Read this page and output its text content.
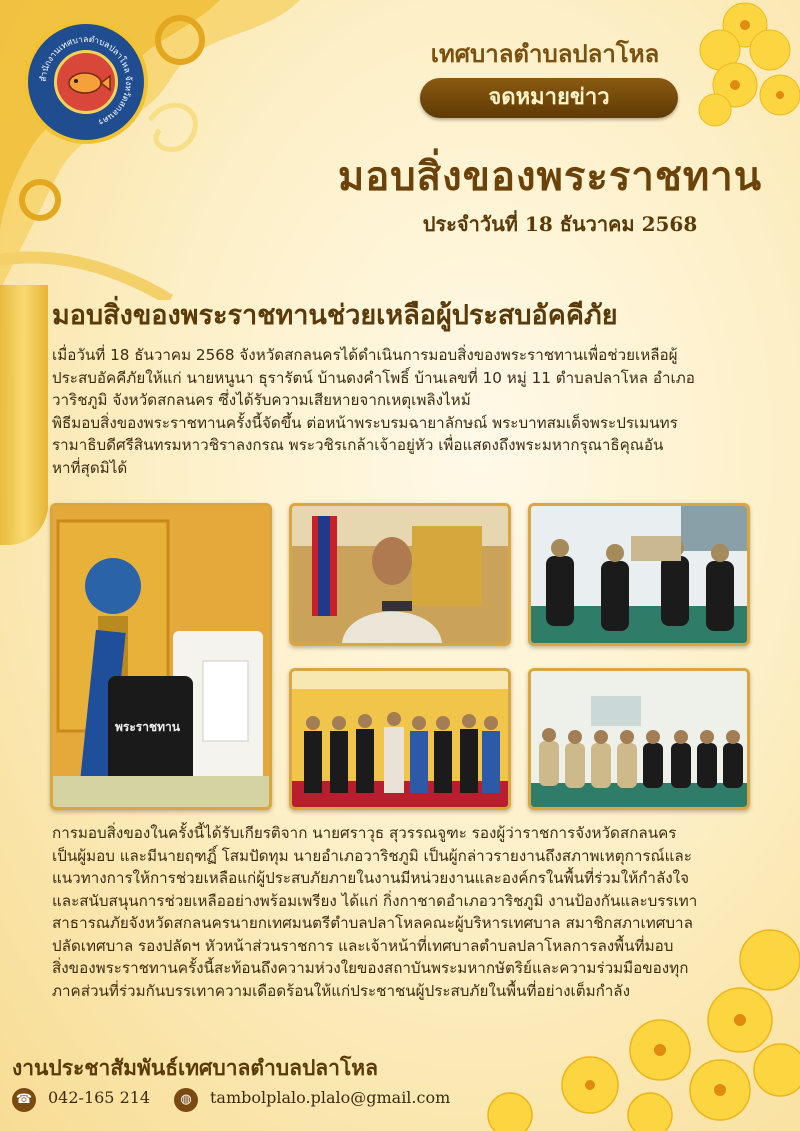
สำนักงานเทศบาลตำบลปลาโหล จังหวัดสกลนคร
เทศบาลตำบลปลาโหล
จดหมายข่าว
มอบสิ่งของพระราชทาน
ประจำวันที่ 18 ธันวาคม 2568
มอบสิ่งของพระราชทานช่วยเหลือผู้ประสบอัคคีภัย

เมื่อวันที่ 18 ธันวาคม 2568 จังหวัดสกลนครได้ดำเนินการมอบสิ่งของพระราชทานเพื่อช่วยเหลือผู้

ประสบอัคคีภัยให้แก่ นายหนูนา ธุรารัตน์ บ้านดงคำโพธิ์ บ้านเลขที่ 10 หมู่ 11 ตำบลปลาโหล อำเภอ

วาริชภูมิ จังหวัดสกลนคร ซึ่งได้รับความเสียหายจากเหตุเพลิงไหม้

พิธีมอบสิ่งของพระราชทานครั้งนี้จัดขึ้น ต่อหน้าพระบรมฉายาลักษณ์ พระบาทสมเด็จพระปรเมนทร

รามาธิบดีศรีสินทรมหาวชิราลงกรณ พระวชิรเกล้าเจ้าอยู่หัว เพื่อแสดงถึงพระมหากรุณาธิคุณอัน

หาที่สุดมิได้

พระราชทาน
การมอบสิ่งของในครั้งนี้ได้รับเกียรติจาก นายศราวุธ สุวรรณจูฑะ รองผู้ว่าราชการจังหวัดสกลนคร
เป็นผู้มอบ และมีนายฤฑฏิ์ โสมปัดทุม นายอำเภอวาริชภูมิ เป็นผู้กล่าวรายงานถึงสภาพเหตุการณ์และ
แนวทางการให้การช่วยเหลือแก่ผู้ประสบภัยภายในงานมีหน่วยงานและองค์กรในพื้นที่ร่วมให้กำลังใจ
และสนับสนุนการช่วยเหลืออย่างพร้อมเพรียง ได้แก่ กิ่งกาชาดอำเภอวาริชภูมิ งานป้องกันและบรรเทา
สาธารณภัยจังหวัดสกลนครนายกเทศมนตรีตำบลปลาโหลคณะผู้บริหารเทศบาล สมาชิกสภาเทศบาล
ปลัดเทศบาล รองปลัดฯ หัวหน้าส่วนราชการ และเจ้าหน้าที่เทศบาลตำบลปลาโหลการลงพื้นที่มอบ
สิ่งของพระราชทานครั้งนี้สะท้อนถึงความห่วงใยของสถาบันพระมหากษัตริย์และความร่วมมือของทุก
ภาคส่วนที่ร่วมกันบรรเทาความเดือดร้อนให้แก่ประชาชนผู้ประสบภัยในพื้นที่อย่างเต็มกำลัง
งานประชาสัมพันธ์เทศบาลตำบลปลาโหล
☎ 042-165 214	◍	tambolplalo.plalo@gmail.com
